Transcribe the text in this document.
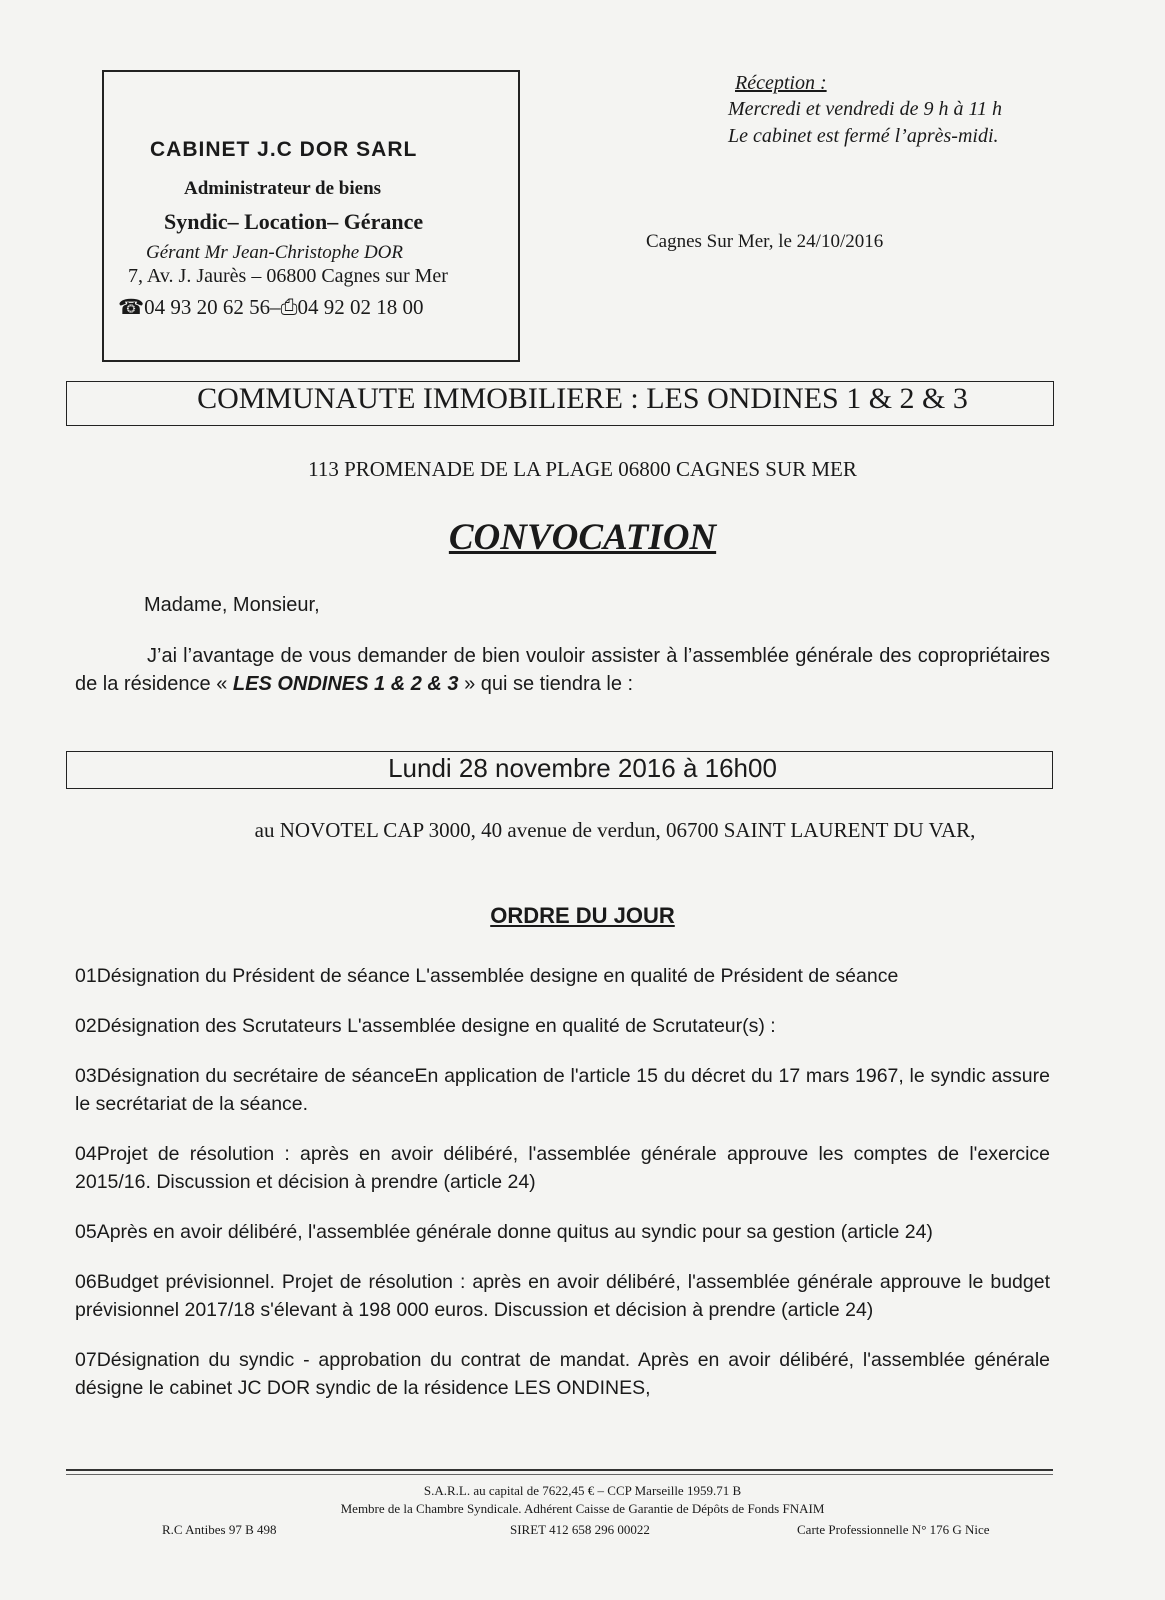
CABINET J.C DOR SARL
Administrateur de biens
Syndic– Location– Gérance
Gérant Mr Jean-Christophe DOR
7, Av. J. Jaurès – 06800 Cagnes sur Mer
☎04 93 20 62 56–⎙04 92 02 18 00
Réception :
Mercredi et vendredi de 9 h à 11 h
Le cabinet est fermé l’après-midi.
Cagnes Sur Mer, le 24/10/2016
COMMUNAUTE IMMOBILIERE : LES ONDINES 1 & 2 & 3
113 PROMENADE DE LA PLAGE 06800 CAGNES SUR MER
CONVOCATION
Madame, Monsieur,
J’ai l’avantage de vous demander de bien vouloir assister à l’assemblée générale des copropriétaires de la résidence « LES ONDINES 1 & 2 & 3 » qui se tiendra le :
Lundi 28 novembre 2016 à 16h00
au NOVOTEL CAP 3000, 40 avenue de verdun, 06700 SAINT LAURENT DU VAR,
ORDRE DU JOUR
01Désignation du Président de séance L'assemblée designe en qualité de Président de séance
02Désignation des Scrutateurs L'assemblée designe en qualité de Scrutateur(s) :
03Désignation du secrétaire de séanceEn application de l'article 15 du décret du 17 mars 1967, le syndic assure le secrétariat de la séance.
04Projet de résolution : après en avoir délibéré, l'assemblée générale approuve les comptes de l'exercice 2015/16. Discussion et décision à prendre (article 24)
05Après en avoir délibéré, l'assemblée générale donne quitus au syndic pour sa gestion (article 24)
06Budget prévisionnel. Projet de résolution : après en avoir délibéré, l'assemblée générale approuve le budget prévisionnel 2017/18 s'élevant à 198 000 euros. Discussion et décision à prendre (article 24)
07Désignation du syndic - approbation du contrat de mandat. Après en avoir délibéré, l'assemblée générale désigne le cabinet JC DOR syndic de la résidence LES ONDINES,
S.A.R.L. au capital de 7622,45 € – CCP Marseille 1959.71 B
Membre de la Chambre Syndicale. Adhérent Caisse de Garantie de Dépôts de Fonds FNAIM
R.C Antibes 97 B 498	SIRET 412 658 296 00022	Carte Professionnelle N° 176 G Nice
